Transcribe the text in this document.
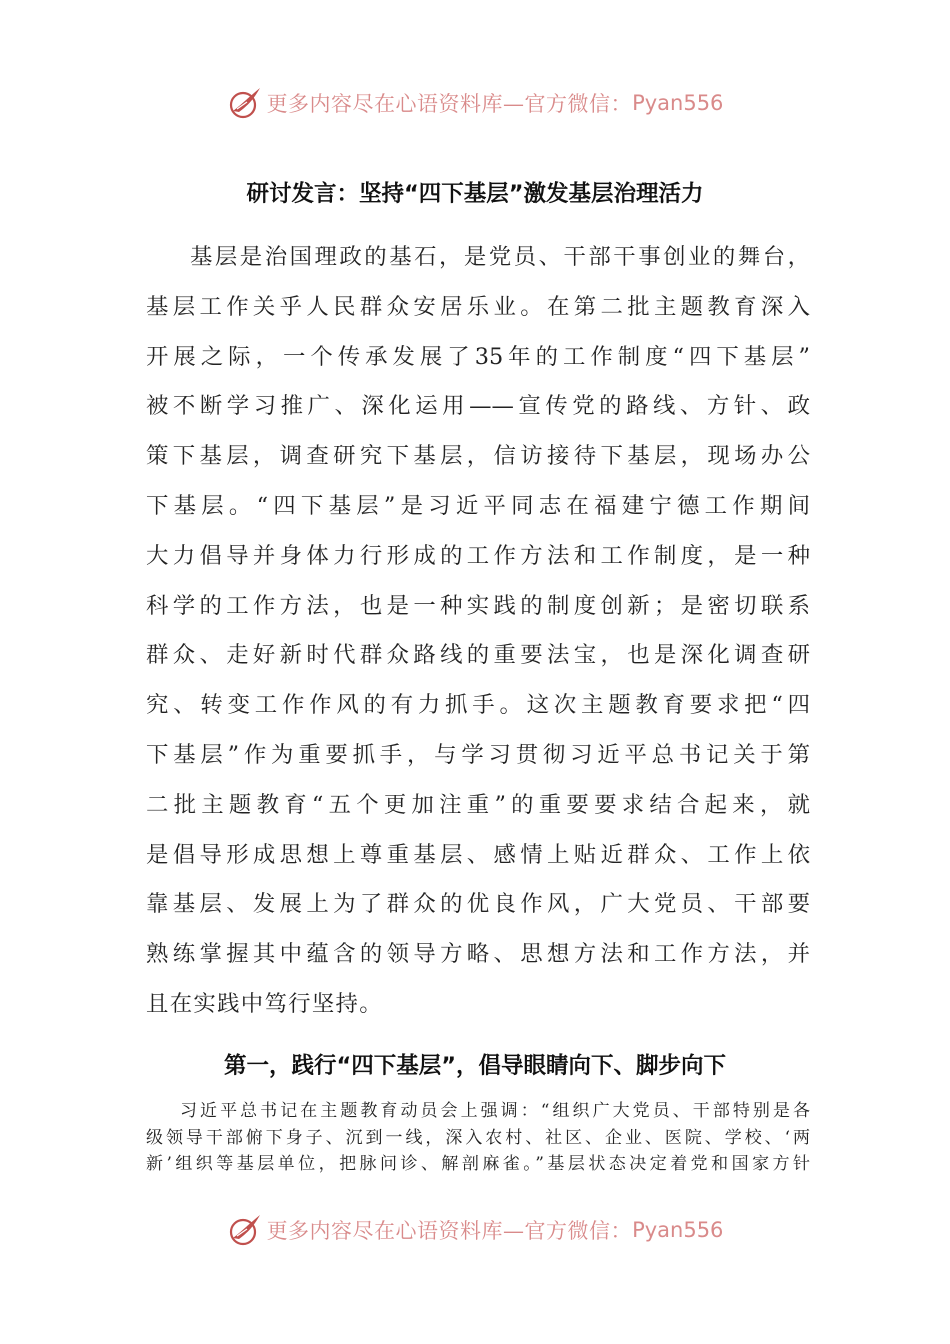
更多内容尽在心语资料库—官方微信： Pyan556
研讨发言：坚持“四下基层”激发基层治理活力
基层是治国理政的基石，是党员、干部干事创业的舞台，
基层工作关乎人民群众安居乐业。在第二批主题教育深入
开展之际，一个传承发展了35年的工作制度“四下基层”
被不断学习推广、深化运用——宣传党的路线、方针、政
策下基层，调查研究下基层，信访接待下基层，现场办公
下基层。“四下基层”是习近平同志在福建宁德工作期间
大力倡导并身体力行形成的工作方法和工作制度，是一种
科学的工作方法，也是一种实践的制度创新；是密切联系
群众、走好新时代群众路线的重要法宝，也是深化调查研
究、转变工作作风的有力抓手。这次主题教育要求把“四
下基层”作为重要抓手，与学习贯彻习近平总书记关于第
二批主题教育“五个更加注重”的重要要求结合起来，就
是倡导形成思想上尊重基层、感情上贴近群众、工作上依
靠基层、发展上为了群众的优良作风，广大党员、干部要
熟练掌握其中蕴含的领导方略、思想方法和工作方法，并
且在实践中笃行坚持。
第一，践行“四下基层”，倡导眼睛向下、脚步向下
习近平总书记在主题教育动员会上强调：“组织广大党员、干部特别是各
级领导干部俯下身子、沉到一线，深入农村、社区、企业、医院、学校、‘两
新’组织等基层单位，把脉问诊、解剖麻雀。”基层状态决定着党和国家方针
更多内容尽在心语资料库—官方微信： Pyan556
